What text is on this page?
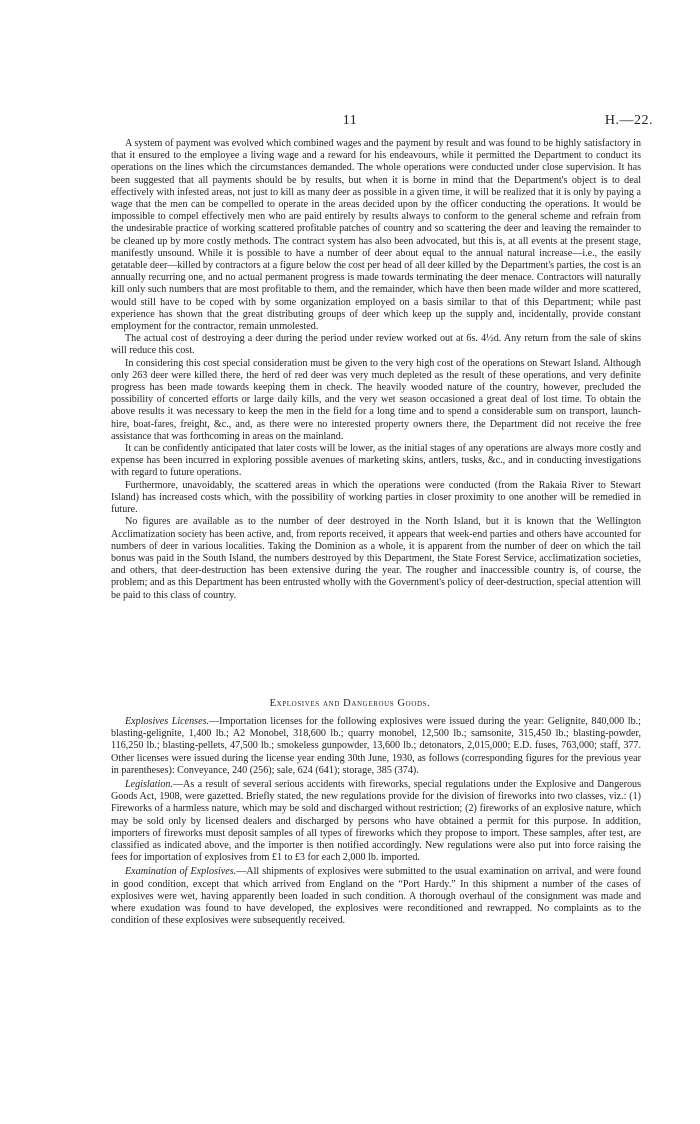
11	H.—22.

A system of payment was evolved which combined wages and the payment by result and was found to be highly satisfactory in that it ensured to the employee a living wage and a reward for his endeavours, while it permitted the Department to conduct its operations on the lines which the circumstances demanded. The whole operations were conducted under close supervision. It has been suggested that all payments should be by results, but when it is borne in mind that the Department's object is to deal effectively with infested areas, not just to kill as many deer as possible in a given time, it will be realized that it is only by paying a wage that the men can be compelled to operate in the areas decided upon by the officer conducting the operations. It would be impossible to compel effectively men who are paid entirely by results always to conform to the general scheme and refrain from the undesirable practice of working scattered profitable patches of country and so scattering the deer and leaving the remainder to be cleaned up by more costly methods. The contract system has also been advocated, but this is, at all events at the present stage, manifestly unsound. While it is possible to have a number of deer about equal to the annual natural increase—i.e., the easily getatable deer—killed by contractors at a figure below the cost per head of all deer killed by the Department's parties, the cost is an annually recurring one, and no actual permanent progress is made towards terminating the deer menace. Contractors will naturally kill only such numbers that are most profitable to them, and the remainder, which have then been made wilder and more scattered, would still have to be coped with by some organization employed on a basis similar to that of this Department; while past experience has shown that the great distributing groups of deer which keep up the supply and, incidentally, provide constant employment for the contractor, remain unmolested.

The actual cost of destroying a deer during the period under review worked out at 6s. 4½d. Any return from the sale of skins will reduce this cost.

In considering this cost special consideration must be given to the very high cost of the operations on Stewart Island. Although only 263 deer were killed there, the herd of red deer was very much depleted as the result of these operations, and very definite progress has been made towards keeping them in check. The heavily wooded nature of the country, however, precluded the possibility of concerted efforts or large daily kills, and the very wet season occasioned a great deal of lost time. To obtain the above results it was necessary to keep the men in the field for a long time and to spend a considerable sum on transport, launch-hire, boat-fares, freight, &c., and, as there were no interested property owners there, the Department did not receive the free assistance that was forthcoming in areas on the mainland.

It can be confidently anticipated that later costs will be lower, as the initial stages of any operations are always more costly and expense has been incurred in exploring possible avenues of marketing skins, antlers, tusks, &c., and in conducting investigations with regard to future operations.

Furthermore, unavoidably, the scattered areas in which the operations were conducted (from the Rakaia River to Stewart Island) has increased costs which, with the possibility of working parties in closer proximity to one another will be remedied in future.

No figures are available as to the number of deer destroyed in the North Island, but it is known that the Wellington Acclimatization society has been active, and, from reports received, it appears that week-end parties and others have accounted for numbers of deer in various localities. Taking the Dominion as a whole, it is apparent from the number of deer on which the tail bonus was paid in the South Island, the numbers destroyed by this Department, the State Forest Service, acclimatization societies, and others, that deer-destruction has been extensive during the year. The rougher and inaccessible country is, of course, the problem; and as this Department has been entrusted wholly with the Government's policy of deer-destruction, special attention will be paid to this class of country.

Explosives and Dangerous Goods.

Explosives Licenses.—Importation licenses for the following explosives were issued during the year: Gelignite, 840,000 lb.; blasting-gelignite, 1,400 lb.; A2 Monobel, 318,600 lb.; quarry monobel, 12,500 lb.; samsonite, 315,450 lb.; blasting-powder, 116,250 lb.; blasting-pellets, 47,500 lb.; smokeless gunpowder, 13,600 lb.; detonators, 2,015,000; E.D. fuses, 763,000; staff, 377. Other licenses were issued during the license year ending 30th June, 1930, as follows (corresponding figures for the previous year in parentheses): Conveyance, 240 (256); sale, 624 (641); storage, 385 (374).

Legislation.—As a result of several serious accidents with fireworks, special regulations under the Explosive and Dangerous Goods Act, 1908, were gazetted. Briefly stated, the new regulations provide for the division of fireworks into two classes, viz.: (1) Fireworks of a harmless nature, which may be sold and discharged without restriction; (2) fireworks of an explosive nature, which may be sold only by licensed dealers and discharged by persons who have obtained a permit for this purpose. In addition, importers of fireworks must deposit samples of all types of fireworks which they propose to import. These samples, after test, are classified as indicated above, and the importer is then notified accordingly. New regulations were also put into force raising the fees for importation of explosives from £1 to £3 for each 2,000 lb. imported.

Examination of Explosives.—All shipments of explosives were submitted to the usual examination on arrival, and were found in good condition, except that which arrived from England on the “Port Hardy.” In this shipment a number of the cases of explosives were wet, having apparently been loaded in such condition. A thorough overhaul of the consignment was made and where exudation was found to have developed, the explosives were reconditioned and rewrapped. No complaints as to the condition of these explosives were subsequently received.
